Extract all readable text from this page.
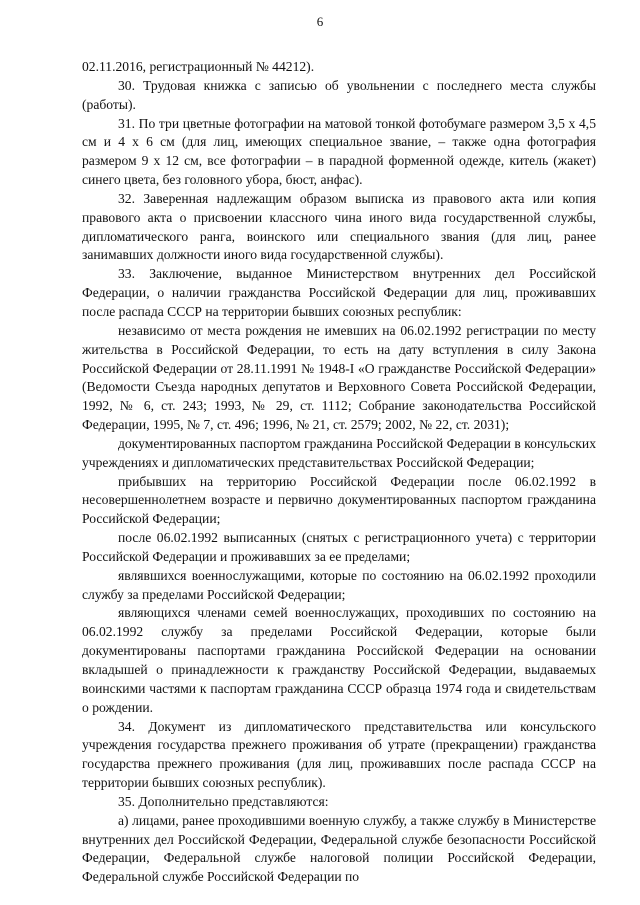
6

02.11.2016, регистрационный № 44212).

30. Трудовая книжка с записью об увольнении с последнего места службы (работы).

31. По три цветные фотографии на матовой тонкой фотобумаге размером 3,5 х 4,5 см и 4 х 6 см (для лиц, имеющих специальное звание, – также одна фотография размером 9 х 12 см, все фотографии – в парадной форменной одежде, китель (жакет) синего цвета, без головного убора, бюст, анфас).

32. Заверенная надлежащим образом выписка из правового акта или копия правового акта о присвоении классного чина иного вида государственной службы, дипломатического ранга, воинского или специального звания (для лиц, ранее занимавших должности иного вида государственной службы).

33. Заключение, выданное Министерством внутренних дел Российской Федерации, о наличии гражданства Российской Федерации для лиц, проживавших после распада СССР на территории бывших союзных республик:

независимо от места рождения не имевших на 06.02.1992 регистрации по месту жительства в Российской Федерации, то есть на дату вступления в силу Закона Российской Федерации от 28.11.1991 № 1948-I «О гражданстве Российской Федерации» (Ведомости Съезда народных депутатов и Верховного Совета Российской Федерации, 1992, № 6, ст. 243; 1993, № 29, ст. 1112; Собрание законодательства Российской Федерации, 1995, № 7, ст. 496; 1996, № 21, ст. 2579; 2002, № 22, ст. 2031);

документированных паспортом гражданина Российской Федерации в консульских учреждениях и дипломатических представительствах Российской Федерации;

прибывших на территорию Российской Федерации после 06.02.1992 в несовершеннолетнем возрасте и первично документированных паспортом гражданина Российской Федерации;

после 06.02.1992 выписанных (снятых с регистрационного учета) с территории Российской Федерации и проживавших за ее пределами;

являвшихся военнослужащими, которые по состоянию на 06.02.1992 проходили службу за пределами Российской Федерации;

являющихся членами семей военнослужащих, проходивших по состоянию на 06.02.1992 службу за пределами Российской Федерации, которые были документированы паспортами гражданина Российской Федерации на основании вкладышей о принадлежности к гражданству Российской Федерации, выдаваемых воинскими частями к паспортам гражданина СССР образца 1974 года и свидетельствам о рождении.

34. Документ из дипломатического представительства или консульского учреждения государства прежнего проживания об утрате (прекращении) гражданства государства прежнего проживания (для лиц, проживавших после распада СССР на территории бывших союзных республик).

35. Дополнительно представляются:

а) лицами, ранее проходившими военную службу, а также службу в Министерстве внутренних дел Российской Федерации, Федеральной службе безопасности Российской Федерации, Федеральной службе налоговой полиции Российской Федерации, Федеральной службе Российской Федерации по
